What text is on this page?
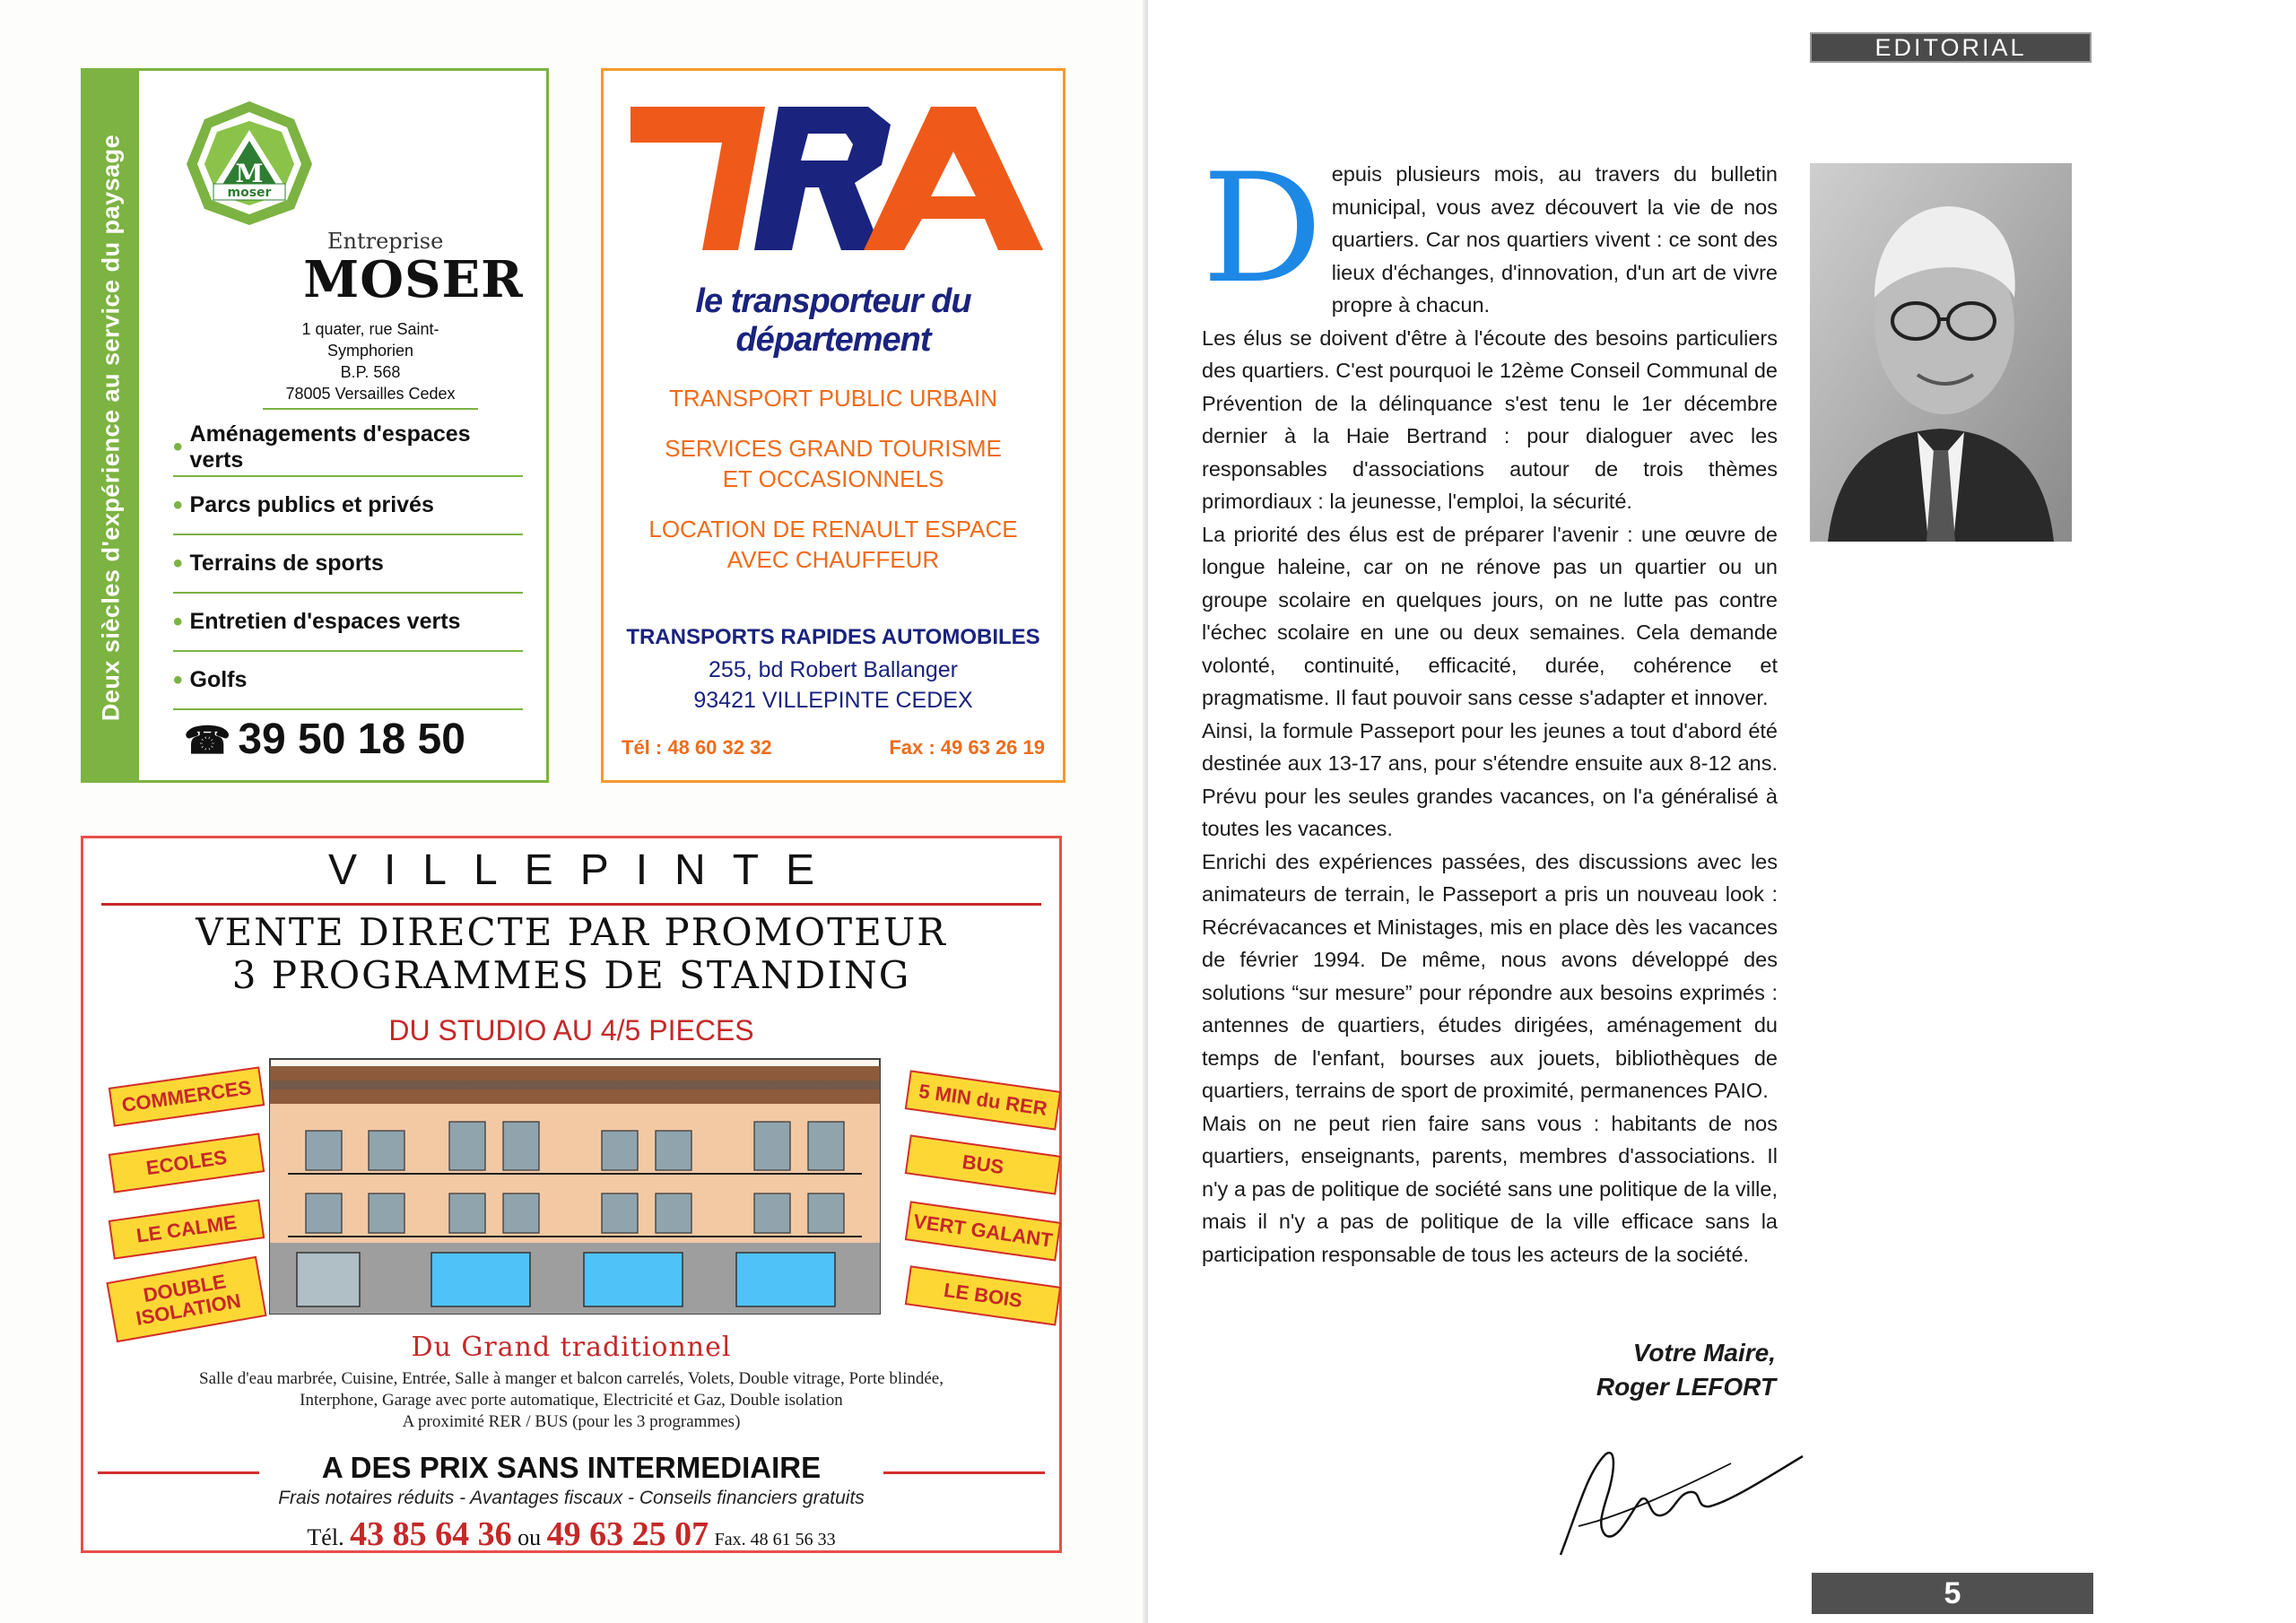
Deux siècles d'expérience au service du paysage	moser
M
Entreprise
MOSER
1 quater, rue Saint-Symphorien
B.P. 568
78005 Versailles Cedex
• Aménagements d'espaces verts
• Parcs publics et privés
• Terrains de sports
• Entretien d'espaces verts
• Golfs
☎ 39 50 18 50
TRA
le transporteur du département
TRANSPORT PUBLIC URBAIN
SERVICES GRAND TOURISME
ET OCCASIONNELS
LOCATION DE RENAULT ESPACE
AVEC CHAUFFEUR
TRANSPORTS RAPIDES AUTOMOBILES
255, bd Robert Ballanger
93421 VILLEPINTE CEDEX
Tél : 48 60 32 32	Fax : 49 63 26 19
VILLEPINTE
VENTE DIRECTE PAR PROMOTEUR
3 PROGRAMMES DE STANDING
DU STUDIO AU 4/5 PIECES
COMMERCES
ECOLES
LE CALME
DOUBLE ISOLATION
5 MIN du RER
BUS
VERT GALANT
LE BOIS
Du Grand traditionnel
Salle d'eau marbrée, Cuisine, Entrée, Salle à manger et balcon carrelés, Volets, Double vitrage, Porte blindée,
Interphone, Garage avec porte automatique, Electricité et Gaz, Double isolation
A proximité RER / BUS (pour les 3 programmes)
A DES PRIX SANS INTERMEDIAIRE
Frais notaires réduits - Avantages fiscaux - Conseils financiers gratuits
Tél. 43 85 64 36 ou 49 63 25 07 Fax. 48 61 56 33
EDITORIAL

Depuis plusieurs mois, au travers du bulletin municipal, vous avez découvert la vie de nos quartiers. Car nos quartiers vivent : ce sont des lieux d'échanges, d'innovation, d'un art de vivre propre à chacun.

Les élus se doivent d'être à l'écoute des besoins particuliers des quartiers. C'est pourquoi le 12ème Conseil Communal de Prévention de la délinquance s'est tenu le 1er décembre dernier à la Haie Bertrand : pour dialoguer avec les responsables d'associations autour de trois thèmes primordiaux : la jeunesse, l'emploi, la sécurité.

La priorité des élus est de préparer l'avenir : une œuvre de longue haleine, car on ne rénove pas un quartier ou un groupe scolaire en quelques jours, on ne lutte pas contre l'échec scolaire en une ou deux semaines. Cela demande volonté, continuité, efficacité, durée, cohérence et pragmatisme. Il faut pouvoir sans cesse s'adapter et innover.

Ainsi, la formule Passeport pour les jeunes a tout d'abord été destinée aux 13-17 ans, pour s'étendre ensuite aux 8-12 ans. Prévu pour les seules grandes vacances, on l'a généralisé à toutes les vacances.

Enrichi des expériences passées, des discussions avec les animateurs de terrain, le Passeport a pris un nouveau look : Récrévacances et Ministages, mis en place dès les vacances de février 1994. De même, nous avons développé des solutions “sur mesure” pour répondre aux besoins exprimés : antennes de quartiers, études dirigées, aménagement du temps de l'enfant, bourses aux jouets, bibliothèques de quartiers, terrains de sport de proximité, permanences PAIO.

Mais on ne peut rien faire sans vous : habitants de nos quartiers, enseignants, parents, membres d'associations. Il n'y a pas de politique de société sans une politique de la ville, mais il n'y a pas de politique de la ville efficace sans la participation responsable de tous les acteurs de la société.

Votre Maire,
Roger LEFORT
5
